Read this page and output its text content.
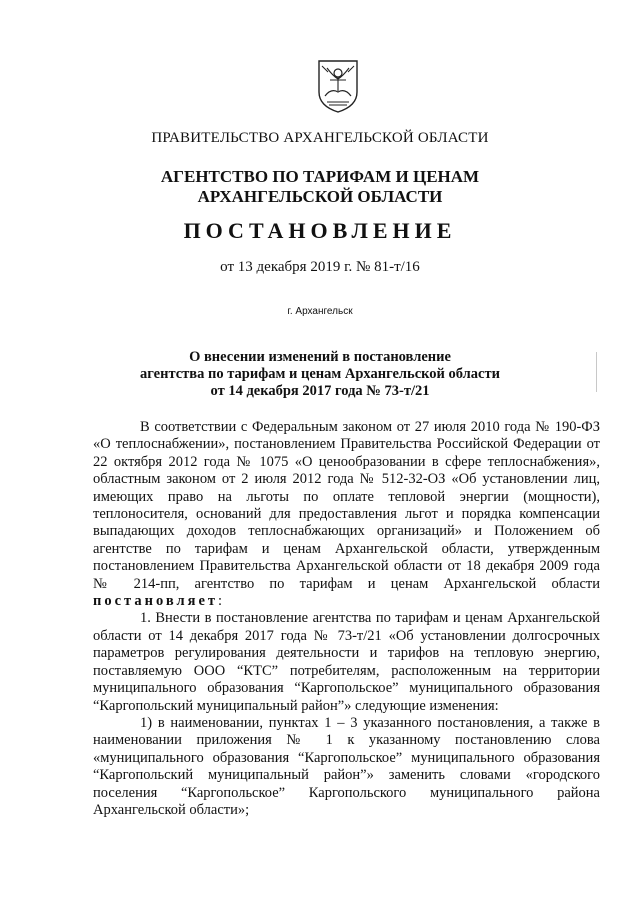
ПРАВИТЕЛЬСТВО АРХАНГЕЛЬСКОЙ ОБЛАСТИ
АГЕНТСТВО ПО ТАРИФАМ И ЦЕНАМ
АРХАНГЕЛЬСКОЙ ОБЛАСТИ
ПОСТАНОВЛЕНИЕ
от 13 декабря 2019 г. № 81-т/16
г. Архангельск
О внесении изменений в постановление
агентства по тарифам и ценам Архангельской области
от 14 декабря 2017 года № 73-т/21

В соответствии с Федеральным законом от 27 июля 2010 года № 190-ФЗ «О теплоснабжении», постановлением Правительства Российской Федерации от 22 октября 2012 года № 1075 «О ценообразовании в сфере теплоснабжения», областным законом от 2 июля 2012 года № 512-32-ОЗ «Об установлении лиц, имеющих право на льготы по оплате тепловой энергии (мощности), теплоносителя, оснований для предоставления льгот и порядка компенсации выпадающих доходов теплоснабжающих организаций» и Положением об агентстве по тарифам и ценам Архангельской области, утвержденным постановлением Правительства Архангельской области от 18 декабря 2009 года № 214-пп, агентство по тарифам и ценам Архангельской области постановляет:

1. Внести в постановление агентства по тарифам и ценам Архангельской области от 14 декабря 2017 года № 73-т/21 «Об установлении долгосрочных параметров регулирования деятельности и тарифов на тепловую энергию, поставляемую ООО “КТС” потребителям, расположенным на территории муниципального образования “Каргопольское” муниципального образования “Каргопольский муниципальный район”» следующие изменения:

1) в наименовании, пунктах 1 – 3 указанного постановления, а также в наименовании приложения № 1 к указанному постановлению слова «муниципального образования “Каргопольское” муниципального образования “Каргопольский муниципальный район”» заменить словами «городского поселения “Каргопольское” Каргопольского муниципального района Архангельской области»;
